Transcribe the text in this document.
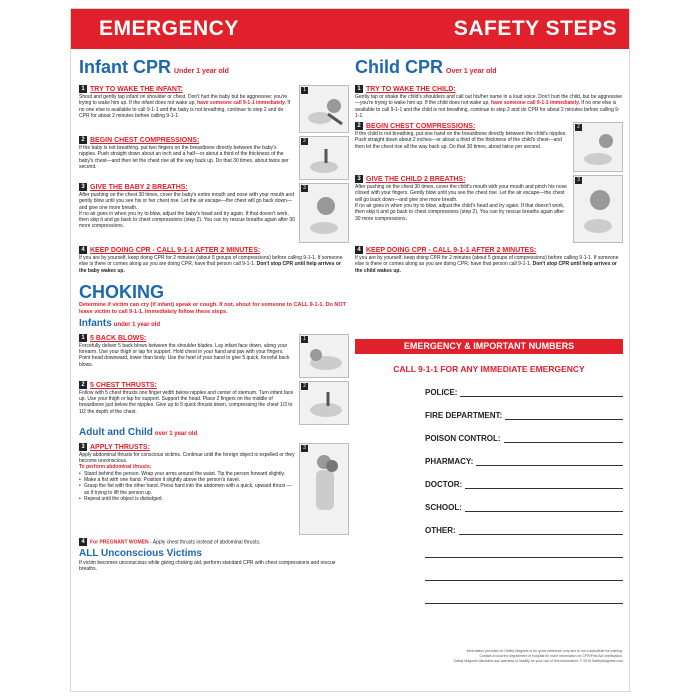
EMERGENCY	SAFETY STEPS
Infant CPR Under 1 year old
1 TRY TO WAKE THE INFANT:
Shout and gently tap infant on shoulder or chest. Don't hurt the baby but be aggressive; you're trying to wake him up. If the infant does not wake up, have someone call 9-1-1 immediately. If no one else is available to call 9-1-1 and the baby is not breathing, continue to step 2 and do CPR for about 2 minutes before calling 9-1-1.
1
2 BEGIN CHEST COMPRESSIONS:
If the baby is not breathing, put two fingers on the breastbone directly between the baby's nipples. Push straight down about an inch and a half—or about a third of the thickness of the baby's chest—and then let the chest rise all the way back up. Do that 30 times, about twice per second.
2
3 GIVE THE BABY 2 BREATHS:
After pushing on the chest 30 times, cover the baby's entire mouth and nose with your mouth and gently blow until you see his or her chest rise. Let the air escape—the chest will go back down—and give one more breath.
If no air goes in when you try to blow, adjust the baby's head and try again. If that doesn't work, then skip it and go back to chest compressions (step 2). You can try rescue breaths again after 30 more compressions.
3
4 KEEP DOING CPR - CALL 9-1-1 AFTER 2 MINUTES:
If you are by yourself, keep doing CPR for 2 minutes (about 5 groups of compressions) before calling 9-1-1. If someone else is there or comes along as you are doing CPR, have that person call 9-1-1. Don't stop CPR until help arrives or the baby wakes up.
CHOKING
Determine if victim can cry (if infant) speak or cough. If not, shout for someone to CALL 9-1-1. Do NOT leave victim to call 9-1-1. Immediately follow these steps.
Infants under 1 year old
1 5 BACK BLOWS:
Forcefully deliver 5 back blows between the shoulder blades. Lay infant face down, along your forearm. Use your thigh or lap for support. Hold chest in your hand and jaw with your fingers. Point head downward, lower than body. Use the heel of your hand to give 5 quick, forceful back blows.
1
2 5 CHEST THRUSTS:
Follow with 5 chest thrusts one finger width below nipples and center of sternum. Turn infant face up. Use your thigh or lap for support. Support the head. Place 2 fingers on the middle of breastbone just below the nipples. Give up to 5 quick thrusts down, compressing the chest 1/3 to 1/2 the depth of the chest.
2
Adult and Child over 1 year old
3 APPLY THRUSTS:
Apply abdominal thrusts for conscious victims. Continue until the foreign object is expelled or they become unconscious.
To perform abdominal thrusts:
• Stand behind the person. Wrap your arms around the waist. Tip the person forward slightly.
• Make a fist with one hand. Position it slightly above the person's navel.
• Grasp the fist with the other hand. Press hard into the abdomen with a quick, upward thrust — as if trying to lift the person up.
• Repeat until the object is dislodged.
3
4 For PREGNANT WOMEN - Apply chest thrusts instead of abdominal thrusts.
ALL Unconscious Victims
If victim becomes unconscious while giving choking aid, perform standard CPR with chest compressions and rescue breaths.
Child CPR Over 1 year old
1 TRY TO WAKE THE CHILD:
Gently tap or shake the child's shoulders and call out his/her name in a loud voice. Don't hurt the child, but be aggressive—you're trying to wake him up. If the child does not wake up, have someone call 9-1-1 immediately. If no one else is available to call 9-1-1 and the child is not breathing, continue to step 2 and do CPR for about 2 minutes before calling 9-1-1.
2 BEGIN CHEST COMPRESSIONS:
If the child is not breathing, put one hand on the breastbone directly between the child's nipples. Push straight down about 2 inches—or about a third of the thickness of the child's chest—and then let the chest rise all the way back up. Do that 30 times, about twice per second.
2
3 GIVE THE CHILD 2 BREATHS:
After pushing on the chest 30 times, cover the child's mouth with your mouth and pinch his nose closed with your fingers. Gently blow until you see the chest rise. Let the air escape—the chest will go back down—and give one more breath.
If no air goes in when you try to blow, adjust the child's head and try again. If that doesn't work, then skip it and go back to chest compressions (step 2). You can try rescue breaths again after 30 more compressions.
3
4 KEEP DOING CPR - CALL 9-1-1 AFTER 2 MINUTES:
If you are by yourself, keep doing CPR for 2 minutes (about 5 groups of compressions) before calling 9-1-1. If someone else is there or comes along as you are doing CPR, have that person call 9-1-1. Don't stop CPR until help arrives or the child wakes up.
EMERGENCY & IMPORTANT NUMBERS
CALL 9-1-1 FOR ANY IMMEDIATE EMERGENCY
POLICE:
FIRE DEPARTMENT:
POISON CONTROL:
PHARMACY:
DOCTOR:
SCHOOL:
OTHER:
Information provided on Safety Magnets is for quick reference only and is not a substitute for training.
Contact a local fire department or hospital for more information on CPR/First Aid certification.
Safety Magnets disclaims any warranty or liability for your use of this information. © 2015 SafetyMagnets.com
